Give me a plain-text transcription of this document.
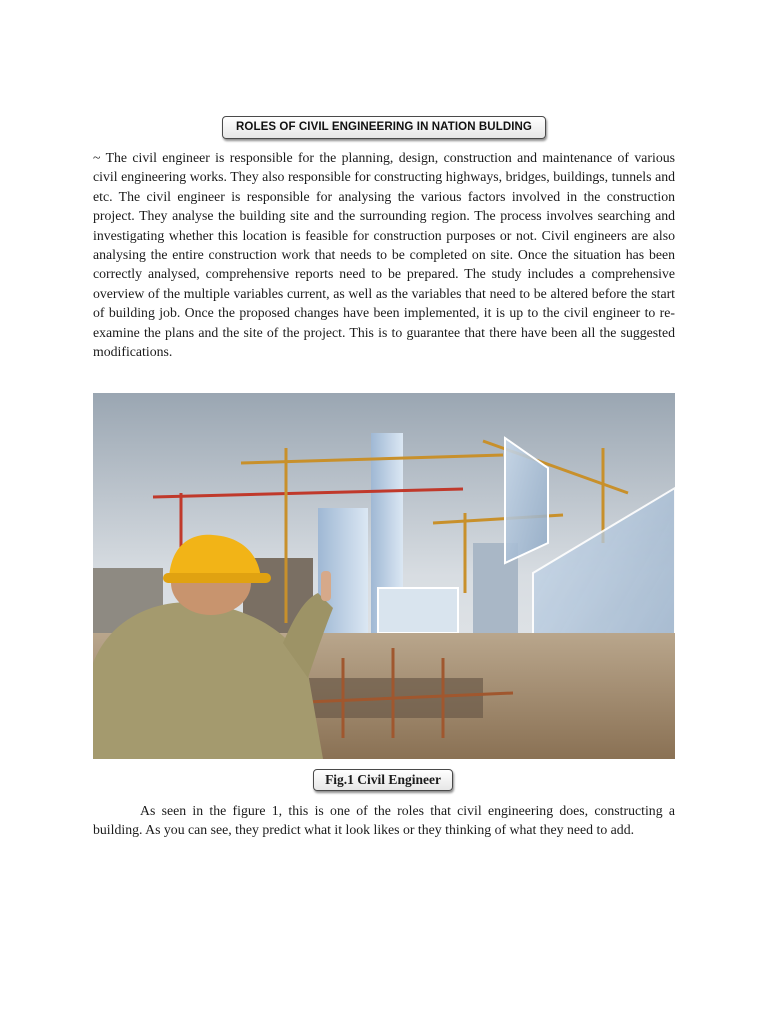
ROLES OF CIVIL ENGINEERING IN NATION BULDING

~ The civil engineer is responsible for the planning, design, construction and maintenance of various civil engineering works. They also responsible for constructing highways, bridges, buildings, tunnels and etc. The civil engineer is responsible for analysing the various factors involved in the construction project. They analyse the building site and the surrounding region. The process involves searching and investigating whether this location is feasible for construction purposes or not. Civil engineers are also analysing the entire construction work that needs to be completed on site. Once the situation has been correctly analysed, comprehensive reports need to be prepared. The study includes a comprehensive overview of the multiple variables current, as well as the variables that need to be altered before the start of building job. Once the proposed changes have been implemented, it is up to the civil engineer to re-examine the plans and the site of the project. This is to guarantee that there have been all the suggested modifications.

Fig.1 Civil Engineer

As seen in the figure 1, this is one of the roles that civil engineering does, constructing a building. As you can see, they predict what it look likes or they thinking of what they need to add.
